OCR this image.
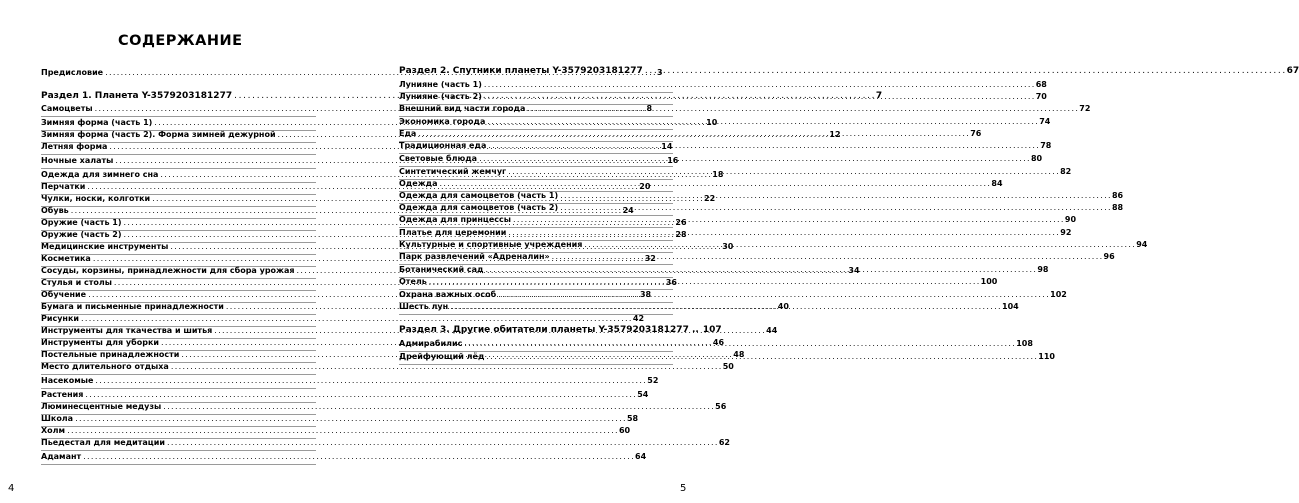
СОДЕРЖАНИЕ
Предисловие . . .	3
Раздел 1. Планета Y-3579203181277 . . .	7
Самоцветы . . .	8
Зимняя форма (часть 1) . . .	10
Зимняя форма (часть 2). Форма зимней дежурной . . .	12
Летняя форма . . .	14
Ночные халаты . . .	16
Одежда для зимнего сна . . .	18
Перчатки . . .	20
Чулки, носки, колготки . . .	22
Обувь . . .	24
Оружие (часть 1) . . .	26
Оружие (часть 2) . . .	28
Медицинские инструменты . . .	30
Косметика . . .	32
Сосуды, корзины, принадлежности для сбора урожая . . .	34
Стулья и столы . . .	36
Обучение . . .	38
Бумага и письменные принадлежности . . .	40
Рисунки . . .	42
Инструменты для ткачества и шитья . . .	44
Инструменты для уборки . . .	46
Постельные принадлежности . . .	48
Место длительного отдыха . . .	50
Насекомые . . .	52
Растения . . .	54
Люминесцентные медузы . . .	56
Школа . . .	58
Холм . . .	60
Пьедестал для медитации . . .	62
Адамант . . .	64
Раздел 2. Спутники планеты Y-3579203181277 . . .	67
Лунияне (часть 1) . . .	68
Лунияне (часть 2) . . .	70
Внешний вид части города . . .	72
Экономика города . . .	74
Еда . . .	76
Традиционная еда . . .	78
Световые блюда . . .	80
Синтетический жемчуг . . .	82
Одежда . . .	84
Одежда для самоцветов (часть 1) . . .	86
Одежда для самоцветов (часть 2) . . .	88
Одежда для принцессы . . .	90
Платье для церемонии . . .	92
Культурные и спортивные учреждения . . .	94
Парк развлечений «Адреналин» . . .	96
Ботанический сад . . .	98
Отель . . .	100
Охрана важных особ . . .	102
Шесть лун . . .	104
Раздел 3. Другие обитатели планеты Y-3579203181277 .. 107
Адмирабилис . . .	108
Дрейфующий лёд . . .	110
4	5
